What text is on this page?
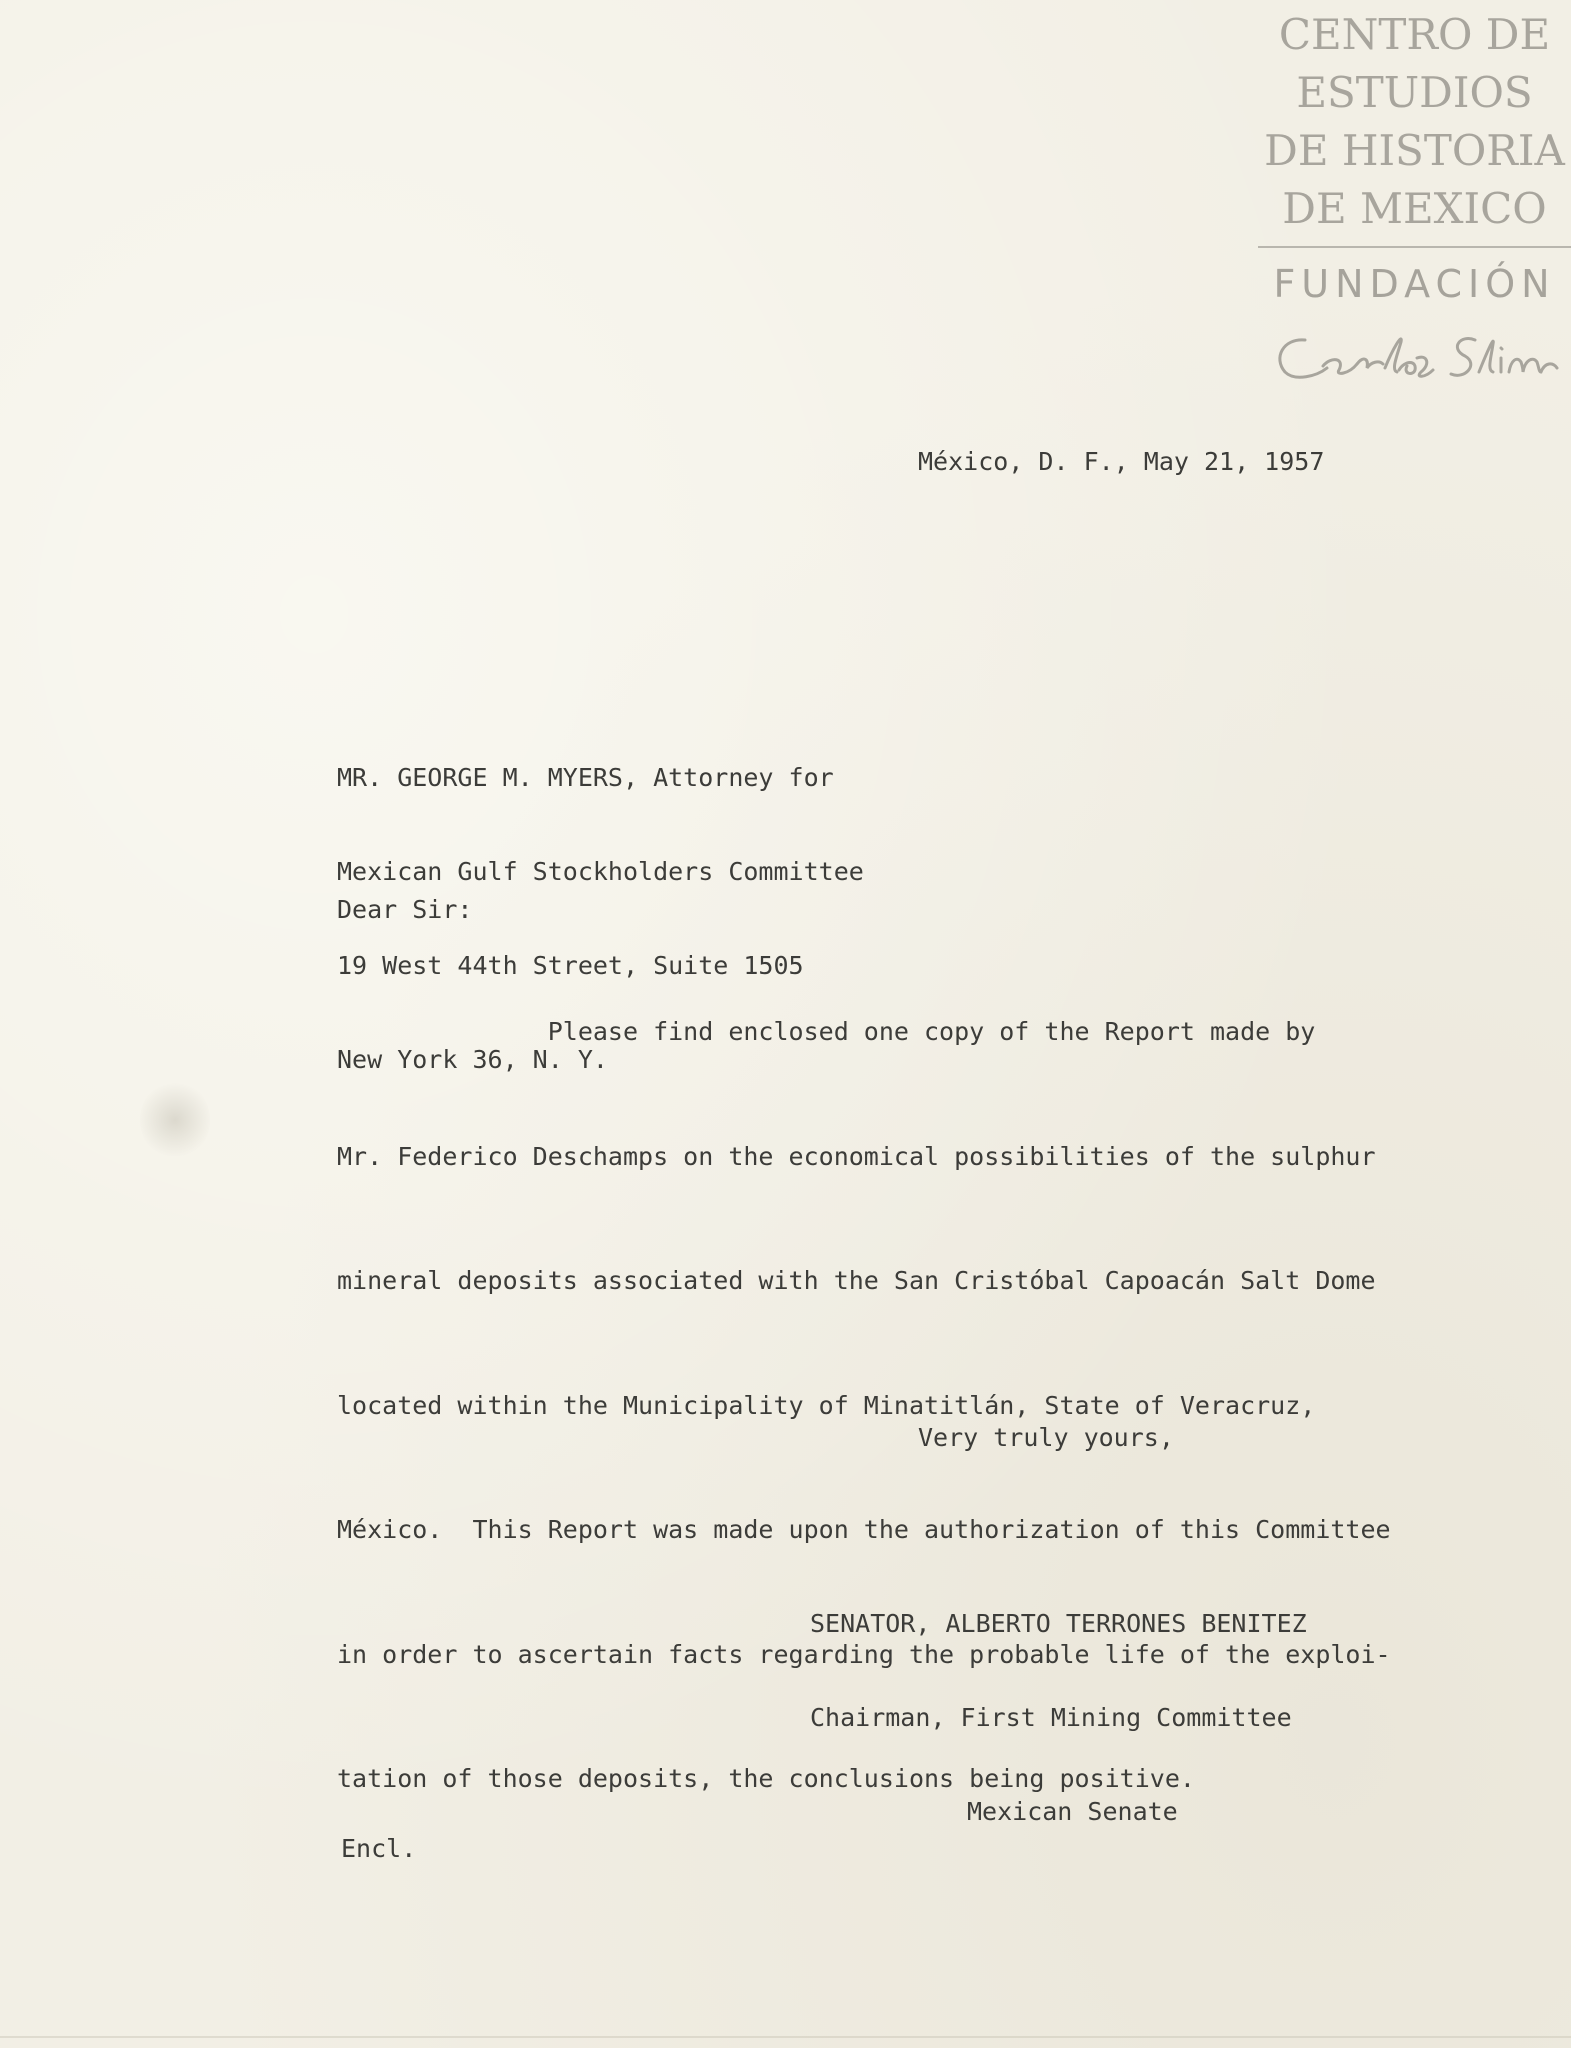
CENTRO DE
ESTUDIOS
DE HISTORIA
DE MEXICO
FUNDACIÓN
México, D. F., May 21, 1957

MR. GEORGE M. MYERS, Attorney for

Mexican Gulf Stockholders Committee

19 West 44th Street, Suite 1505

New York 36, N. Y.

Dear Sir:

Please find enclosed one copy of the Report made by

Mr. Federico Deschamps on the economical possibilities of the sulphur

mineral deposits associated with the San Cristóbal Capoacán Salt Dome

located within the Municipality of Minatitlán, State of Veracruz,

México.  This Report was made upon the authorization of this Committee

in order to ascertain facts regarding the probable life of the exploi-

tation of those deposits, the conclusions being positive.

Very truly yours,

SENATOR, ALBERTO TERRONES BENITEZ

Chairman, First Mining Committee

Mexican Senate

Encl.
